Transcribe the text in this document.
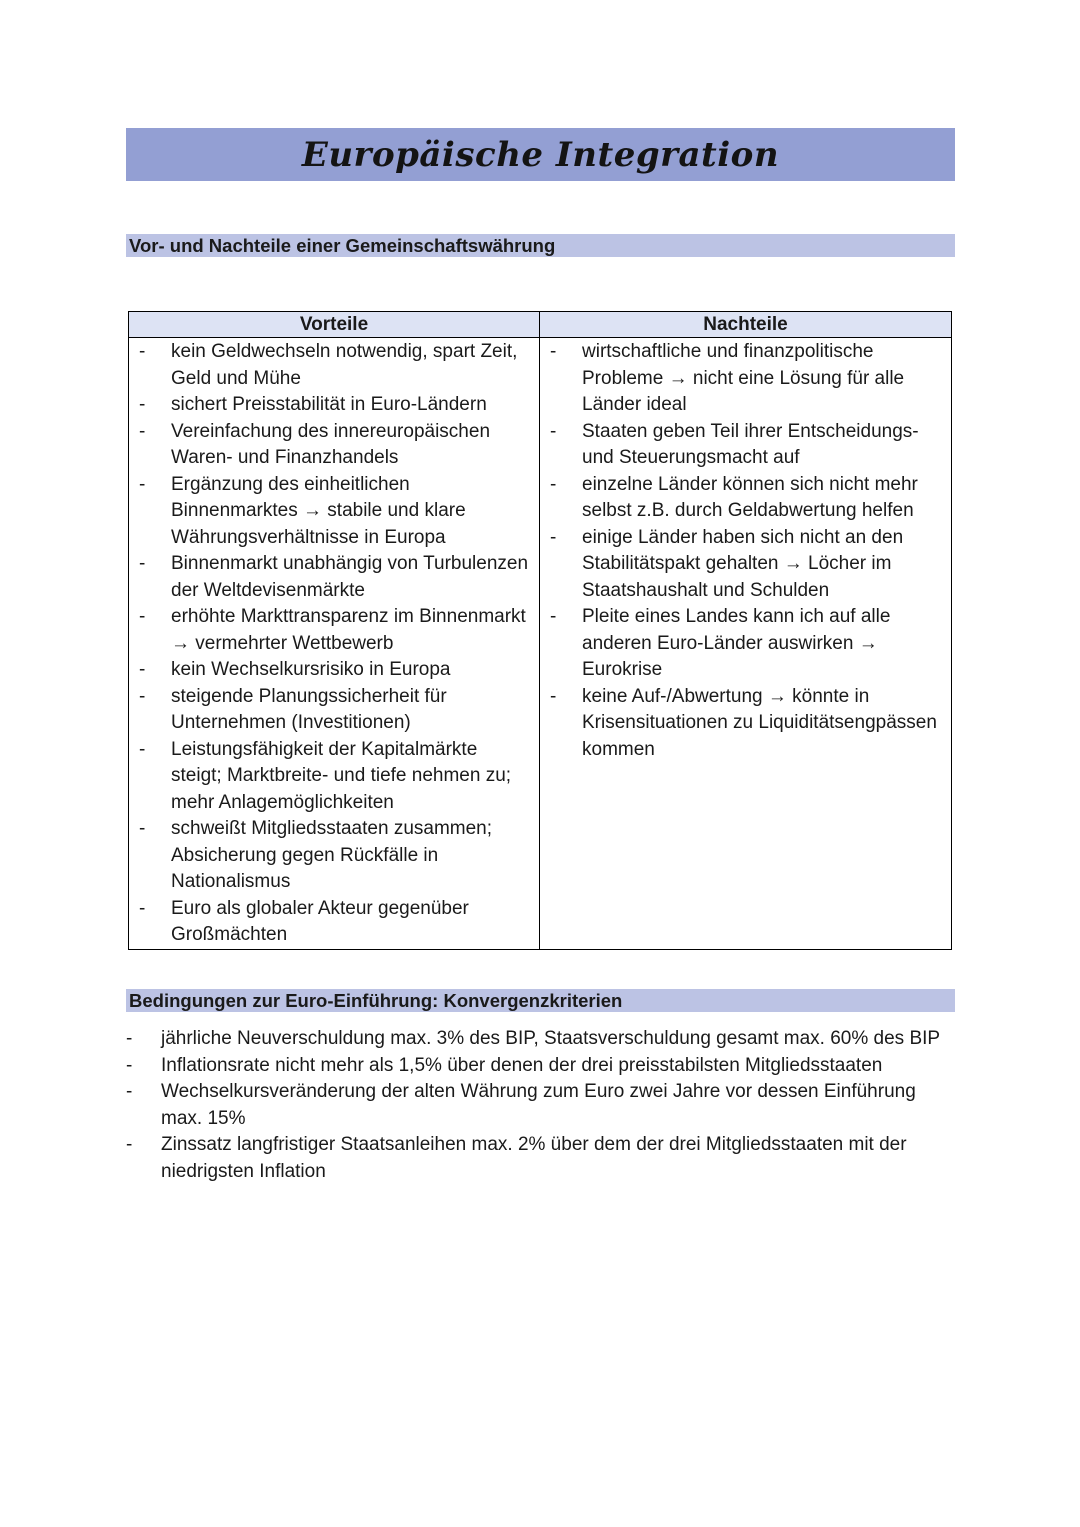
Europäische Integration
Vor- und Nachteile einer Gemeinschaftswährung
Vorteile
- kein Geldwechseln notwendig, spart Zeit, Geld und Mühe
- sichert Preisstabilität in Euro-Ländern
- Vereinfachung des innereuropäischen Waren- und Finanzhandels
- Ergänzung des einheitlichen Binnenmarktes → stabile und klare Währungsverhältnisse in Europa
- Binnenmarkt unabhängig von Turbulenzen der Weltdevisenmärkte
- erhöhte Markttransparenz im Binnenmarkt → vermehrter Wettbewerb
- kein Wechselkursrisiko in Europa
- steigende Planungssicherheit für Unternehmen (Investitionen)
- Leistungsfähigkeit der Kapitalmärkte steigt; Marktbreite- und tiefe nehmen zu; mehr Anlagemöglichkeiten
- schweißt Mitgliedsstaaten zusammen; Absicherung gegen Rückfälle in Nationalismus
- Euro als globaler Akteur gegenüber Großmächten
Nachteile
- wirtschaftliche und finanzpolitische Probleme → nicht eine Lösung für alle Länder ideal
- Staaten geben Teil ihrer Entscheidungs- und Steuerungsmacht auf
- einzelne Länder können sich nicht mehr selbst z.B. durch Geldabwertung helfen
- einige Länder haben sich nicht an den Stabilitätspakt gehalten → Löcher im Staatshaushalt und Schulden
- Pleite eines Landes kann ich auf alle anderen Euro-Länder auswirken → Eurokrise
- keine Auf-/Abwertung → könnte in Krisensituationen zu Liquiditätsengpässen kommen
Bedingungen zur Euro-Einführung: Konvergenzkriterien
- jährliche Neuverschuldung max. 3% des BIP, Staatsverschuldung gesamt max. 60% des BIP
- Inflationsrate nicht mehr als 1,5% über denen der drei preisstabilsten Mitgliedsstaaten
- Wechselkursveränderung der alten Währung zum Euro zwei Jahre vor dessen Einführung max. 15%
- Zinssatz langfristiger Staatsanleihen max. 2% über dem der drei Mitgliedsstaaten mit der niedrigsten Inflation
